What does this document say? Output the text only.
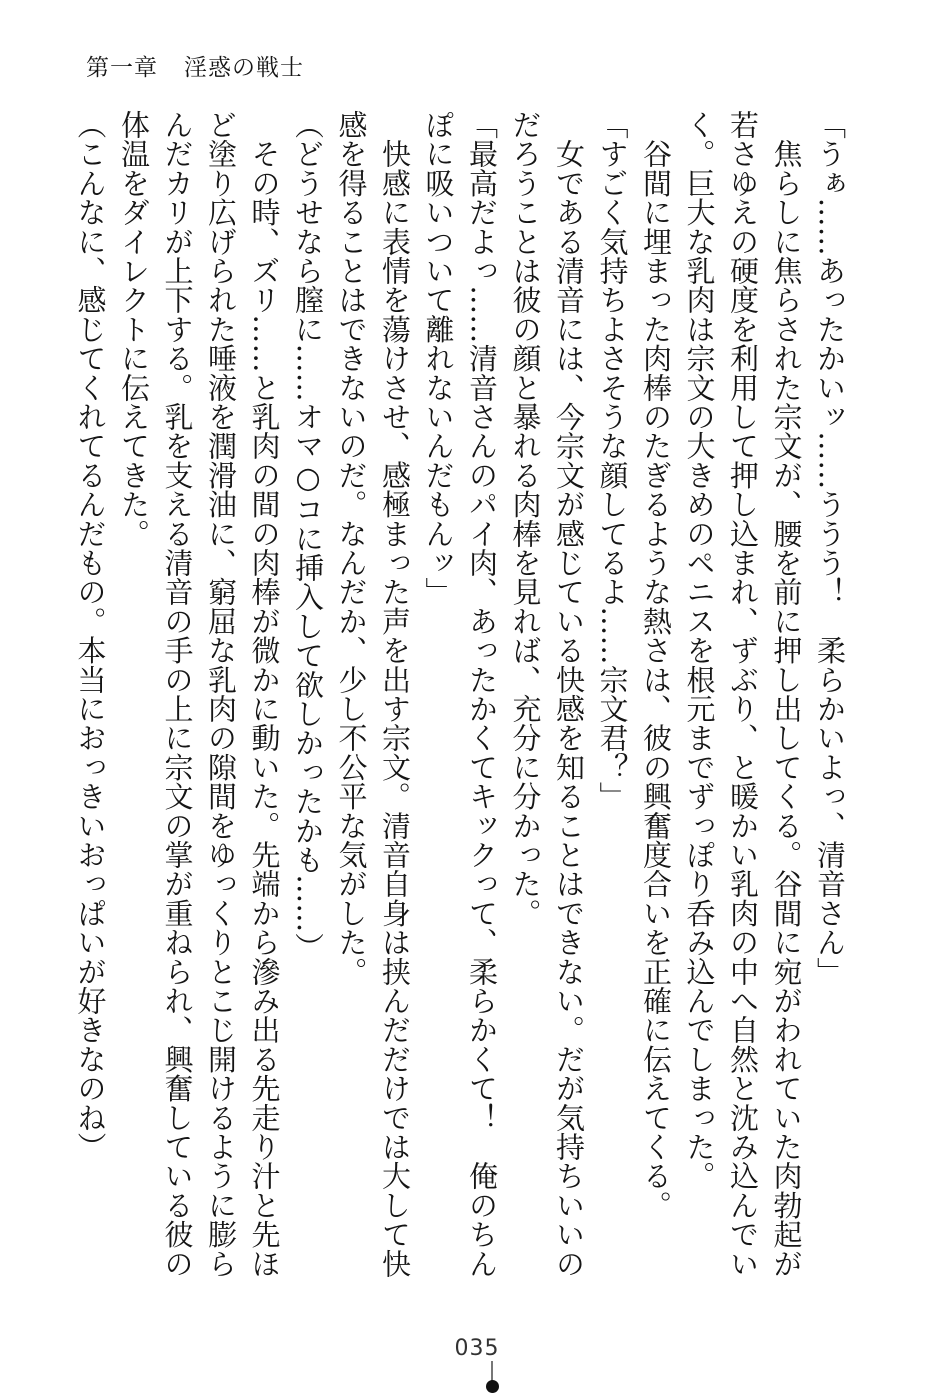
第一章 淫惑の戦士
「うぁ……あったかいッ……ううう！　柔らかいよっ、清音さん」
　焦らしに焦らされた宗文が、腰を前に押し出してくる。谷間に宛がわれていた肉勃起が
若さゆえの硬度を利用して押し込まれ、ずぶり、と暖かい乳肉の中へ自然と沈み込んでい
く。巨大な乳肉は宗文の大きめのペニスを根元までずっぽり呑み込んでしまった。
　谷間に埋まった肉棒のたぎるような熱さは、彼の興奮度合いを正確に伝えてくる。
「すごく気持ちよさそうな顔してるよ……宗文君？」
　女である清音には、今宗文が感じている快感を知ることはできない。だが気持ちいいの
だろうことは彼の顔と暴れる肉棒を見れば、充分に分かった。
「最高だよっ……清音さんのパイ肉、あったかくてキックって、柔らかくて！　俺のちん
ぽに吸いついて離れないんだもんッ」
　快感に表情を蕩けさせ、感極まった声を出す宗文。清音自身は挟んだだけでは大して快
感を得ることはできないのだ。なんだか、少し不公平な気がした。
（どうせなら膣に……オマ○コに挿入して欲しかったかも……）
　その時、ズリ……と乳肉の間の肉棒が微かに動いた。先端から滲み出る先走り汁と先ほ
ど塗り広げられた唾液を潤滑油に、窮屈な乳肉の隙間をゆっくりとこじ開けるように膨ら
んだカリが上下する。乳を支える清音の手の上に宗文の掌が重ねられ、興奮している彼の
体温をダイレクトに伝えてきた。
（こんなに、感じてくれてるんだもの。本当におっきいおっぱいが好きなのね）
035
